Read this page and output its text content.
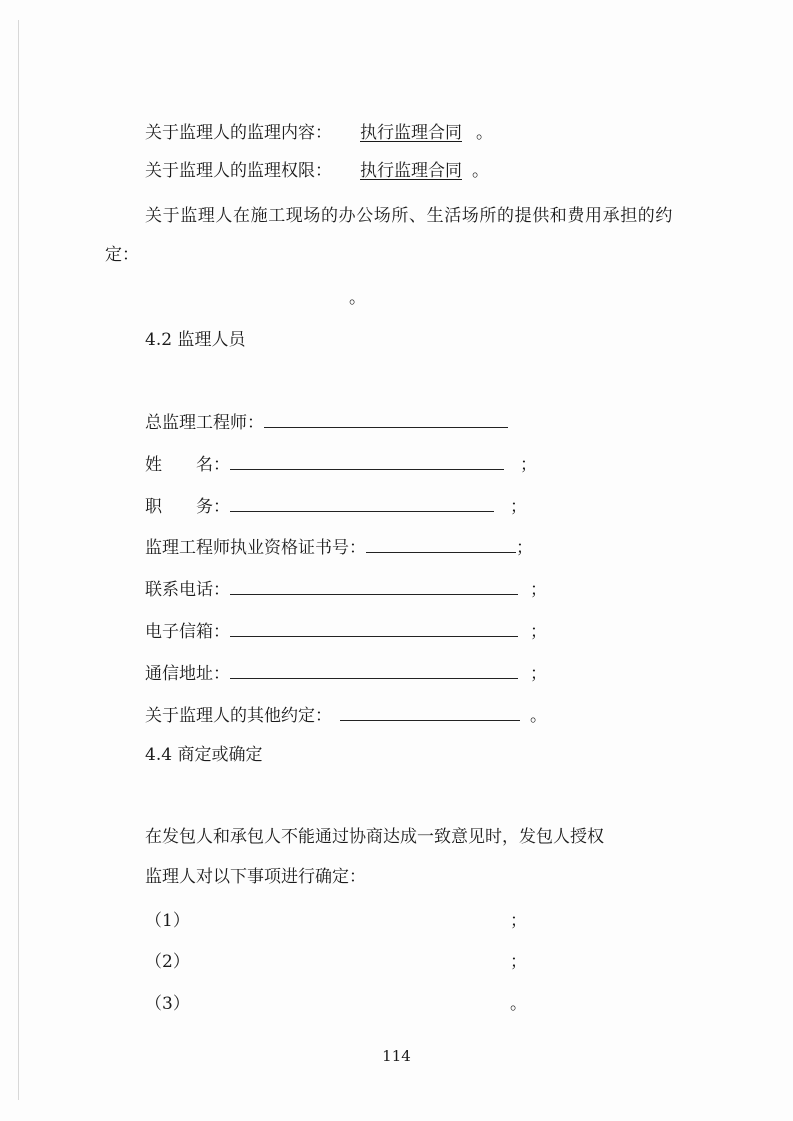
关于监理人的监理内容： 执行监理合同 。
关于监理人的监理权限： 执行监理合同 。
关于监理人在施工现场的办公场所、生活场所的提供和费用承担的约
定：
。
4.2 监理人员
总监理工程师：
姓　　名：	；
职　　务：	；
监理工程师执业资格证书号：	；
联系电话：	；
电子信箱：	；
通信地址：	；
关于监理人的其他约定：	。
4.4 商定或确定
在发包人和承包人不能通过协商达成一致意见时，发包人授权
监理人对以下事项进行确定：
（1）	；
（2）	；
（3）	。
114
